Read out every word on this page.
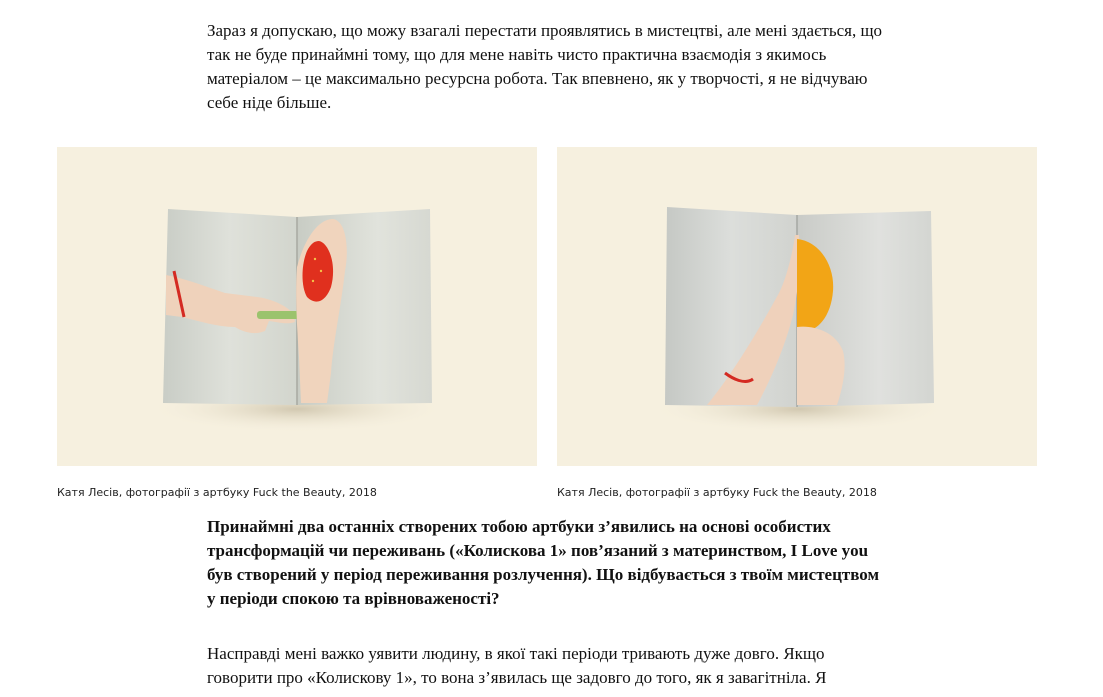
Зараз я допускаю, що можу взагалі перестати проявлятись в мистецтві, але мені здається, що так не буде принаймні тому, що для мене навіть чисто практична взаємодія з якимось матеріалом – це максимально ресурсна робота. Так впевнено, як у творчості, я не відчуваю себе ніде більше.

Катя Лесів, фотографії з артбуку Fuck the Beauty, 2018	Катя Лесів, фотографії з артбуку Fuck the Beauty, 2018

Принаймні два останніх створених тобою артбуки з’явились на основі особистих трансформацій чи переживань («Колискова 1» пов’язаний з материнством, I Love you був створений у період переживання розлучення). Що відбувається з твоїм мистецтвом у періоди спокою та врівноваженості?

Насправді мені важко уявити людину, в якої такі періоди тривають дуже довго. Якщо говорити про «Колискову 1», то вона з’явилась ще задовго до того, як я завагітніла. Я
